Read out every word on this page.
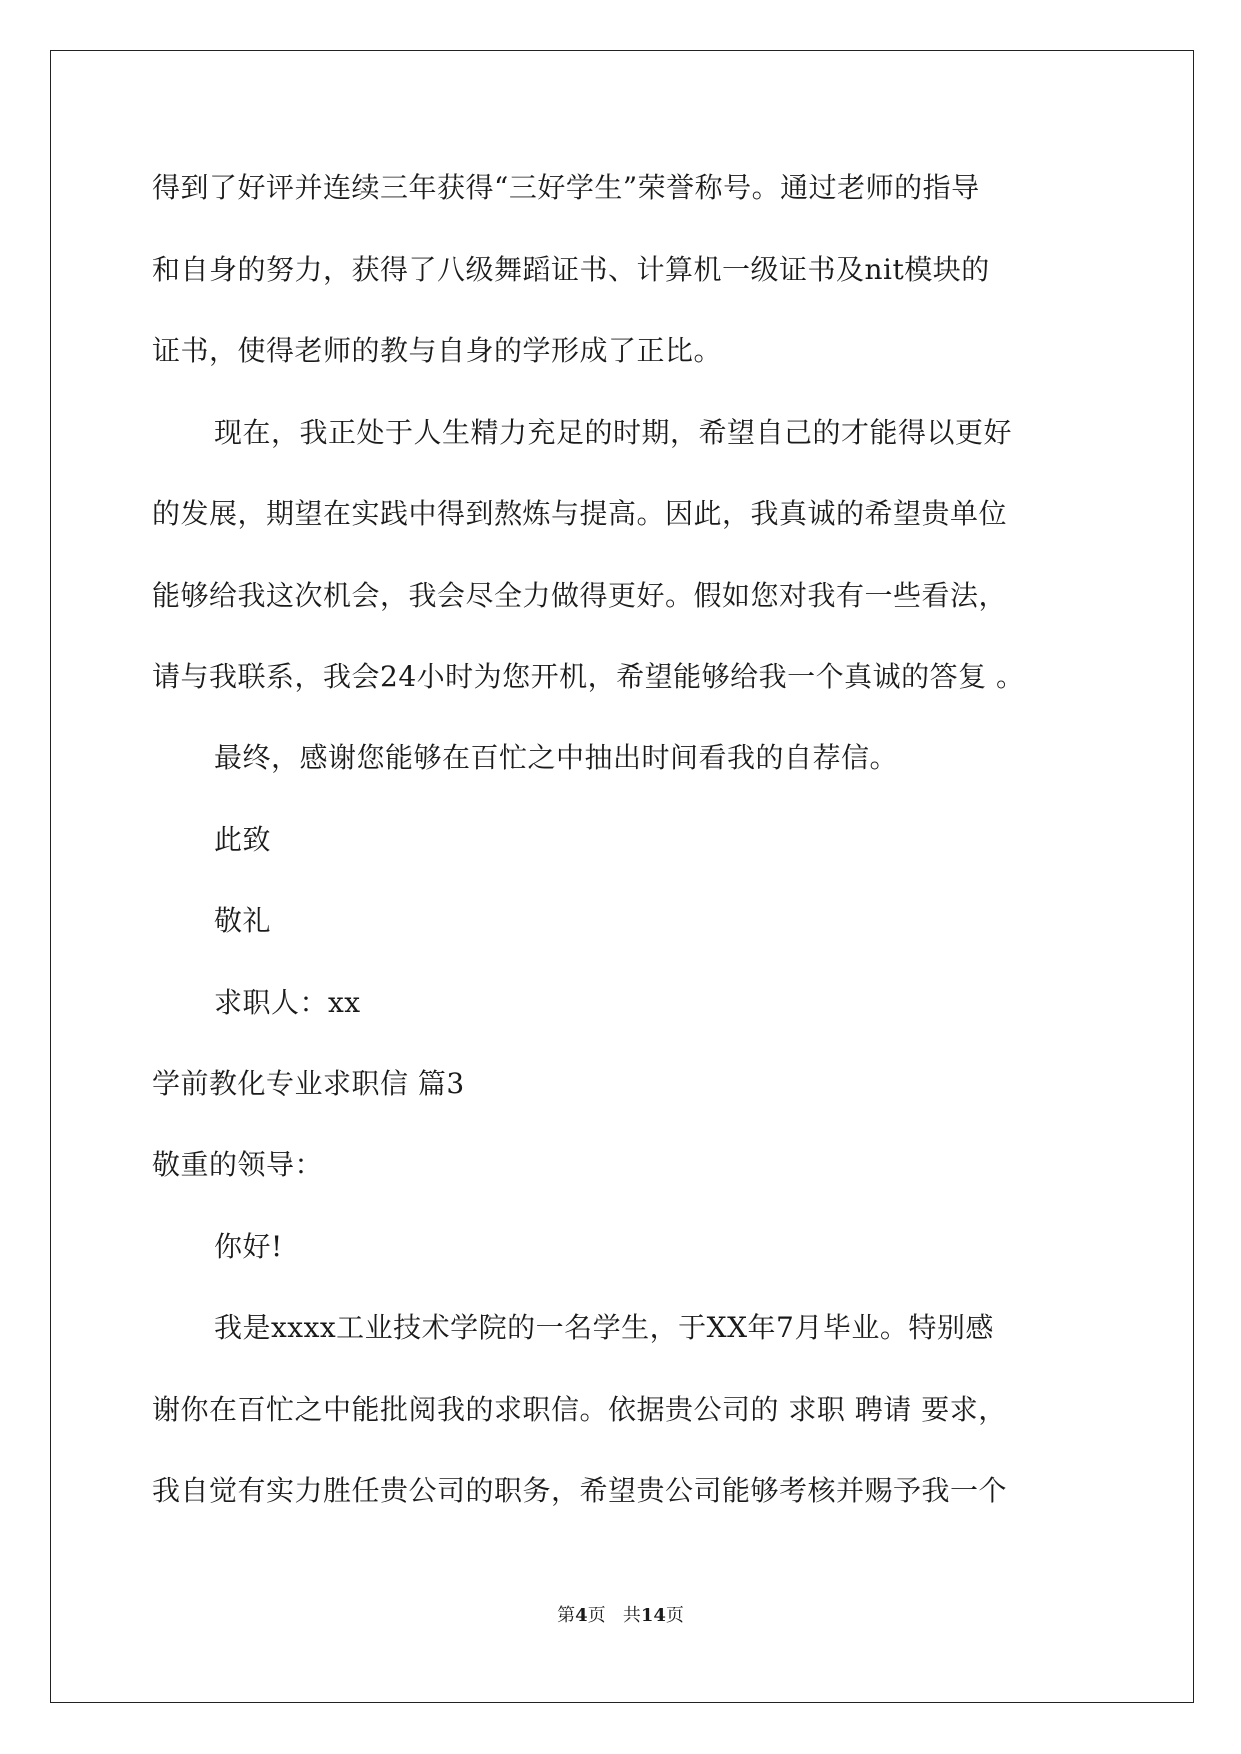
得到了好评并连续三年获得“三好学生”荣誉称号。通过老师的指导
和自身的努力，获得了八级舞蹈证书、计算机一级证书及nit模块的
证书，使得老师的教与自身的学形成了正比。
现在，我正处于人生精力充足的时期，希望自己的才能得以更好
的发展，期望在实践中得到熬炼与提高。因此，我真诚的希望贵单位
能够给我这次机会，我会尽全力做得更好。假如您对我有一些看法，
请与我联系，我会24小时为您开机，希望能够给我一个真诚的答复 。
最终，感谢您能够在百忙之中抽出时间看我的自荐信。
此致
敬礼
求职人：xx
学前教化专业求职信 篇3
敬重的领导：
你好!
我是xxxx工业技术学院的一名学生，于XX年7月毕业。特别感
谢你在百忙之中能批阅我的求职信。依据贵公司的 求职 聘请 要求，
我自觉有实力胜任贵公司的职务，希望贵公司能够考核并赐予我一个
第4页 共14页
